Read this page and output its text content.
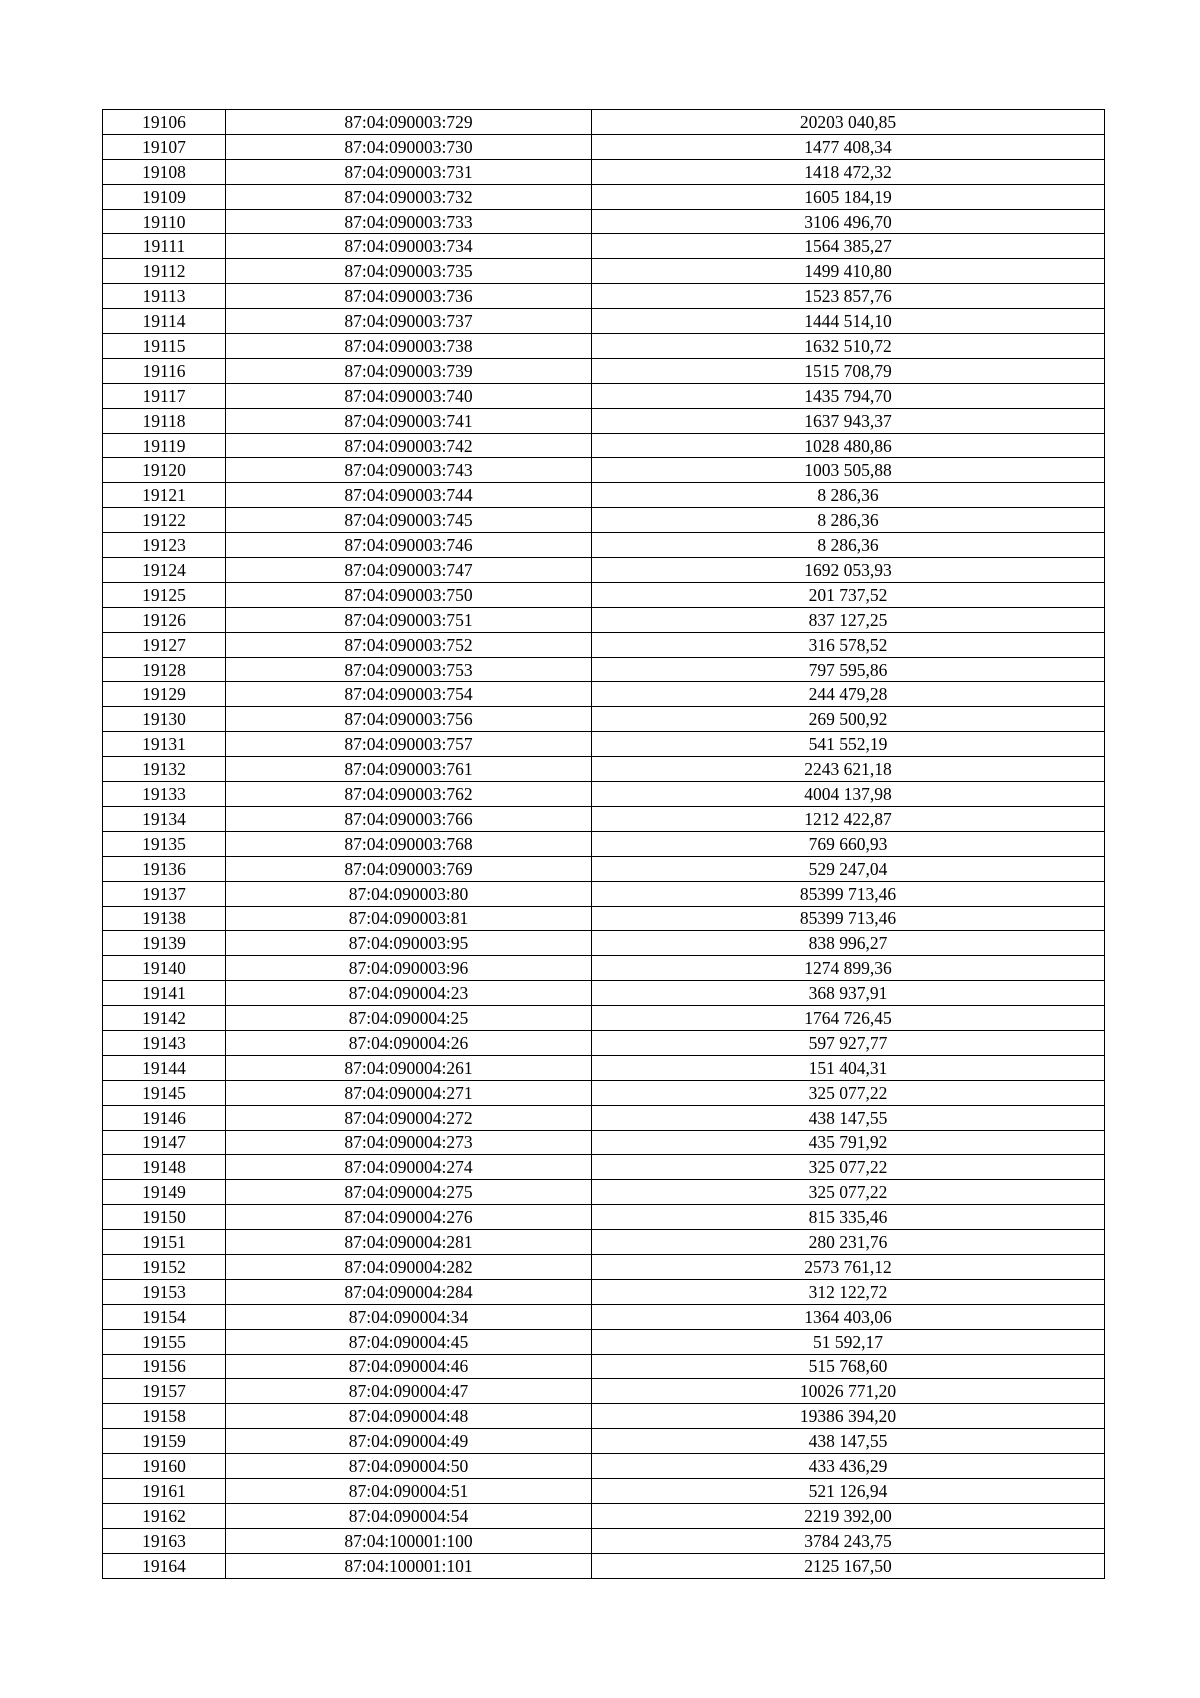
19106	87:04:090003:729	20203 040,85
19107	87:04:090003:730	1477 408,34
19108	87:04:090003:731	1418 472,32
19109	87:04:090003:732	1605 184,19
19110	87:04:090003:733	3106 496,70
19111	87:04:090003:734	1564 385,27
19112	87:04:090003:735	1499 410,80
19113	87:04:090003:736	1523 857,76
19114	87:04:090003:737	1444 514,10
19115	87:04:090003:738	1632 510,72
19116	87:04:090003:739	1515 708,79
19117	87:04:090003:740	1435 794,70
19118	87:04:090003:741	1637 943,37
19119	87:04:090003:742	1028 480,86
19120	87:04:090003:743	1003 505,88
19121	87:04:090003:744	8 286,36
19122	87:04:090003:745	8 286,36
19123	87:04:090003:746	8 286,36
19124	87:04:090003:747	1692 053,93
19125	87:04:090003:750	201 737,52
19126	87:04:090003:751	837 127,25
19127	87:04:090003:752	316 578,52
19128	87:04:090003:753	797 595,86
19129	87:04:090003:754	244 479,28
19130	87:04:090003:756	269 500,92
19131	87:04:090003:757	541 552,19
19132	87:04:090003:761	2243 621,18
19133	87:04:090003:762	4004 137,98
19134	87:04:090003:766	1212 422,87
19135	87:04:090003:768	769 660,93
19136	87:04:090003:769	529 247,04
19137	87:04:090003:80	85399 713,46
19138	87:04:090003:81	85399 713,46
19139	87:04:090003:95	838 996,27
19140	87:04:090003:96	1274 899,36
19141	87:04:090004:23	368 937,91
19142	87:04:090004:25	1764 726,45
19143	87:04:090004:26	597 927,77
19144	87:04:090004:261	151 404,31
19145	87:04:090004:271	325 077,22
19146	87:04:090004:272	438 147,55
19147	87:04:090004:273	435 791,92
19148	87:04:090004:274	325 077,22
19149	87:04:090004:275	325 077,22
19150	87:04:090004:276	815 335,46
19151	87:04:090004:281	280 231,76
19152	87:04:090004:282	2573 761,12
19153	87:04:090004:284	312 122,72
19154	87:04:090004:34	1364 403,06
19155	87:04:090004:45	51 592,17
19156	87:04:090004:46	515 768,60
19157	87:04:090004:47	10026 771,20
19158	87:04:090004:48	19386 394,20
19159	87:04:090004:49	438 147,55
19160	87:04:090004:50	433 436,29
19161	87:04:090004:51	521 126,94
19162	87:04:090004:54	2219 392,00
19163	87:04:100001:100	3784 243,75
19164	87:04:100001:101	2125 167,50
